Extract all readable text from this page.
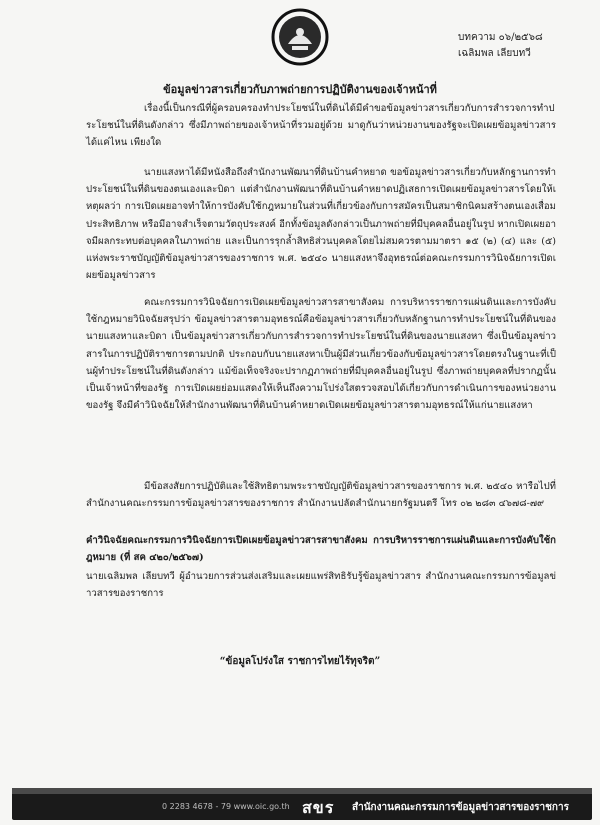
บทความ ๐๖/๒๕๖๘
เฉลิมพล เลียบทวี
ข้อมูลข่าวสารเกี่ยวกับภาพถ่ายการปฏิบัติงานของเจ้าหน้าที่
เรื่องนี้เป็นกรณีที่ผู้ครอบครองทำประโยชน์ในที่ดินได้มีคำขอข้อมูลข่าวสารเกี่ยวกับการสำรวจการทำประโยชน์ในที่ดินดังกล่าว ซึ่งมีภาพถ่ายของเจ้าหน้าที่รวมอยู่ด้วย มาดูกันว่าหน่วยงานของรัฐจะเปิดเผยข้อมูลข่าวสารได้แค่ไหน เพียงใด
นายแสงหาได้มีหนังสือถึงสำนักงานพัฒนาที่ดินบ้านคำหยาด ขอข้อมูลข่าวสารเกี่ยวกับหลักฐานการทำประโยชน์ในที่ดินของตนเองและบิดา แต่สำนักงานพัฒนาที่ดินบ้านคำหยาดปฏิเสธการเปิดเผยข้อมูลข่าวสารโดยให้เหตุผลว่า การเปิดเผยอาจทำให้การบังคับใช้กฎหมายในส่วนที่เกี่ยวข้องกับการสมัครเป็นสมาชิกนิคมสร้างตนเองเสื่อมประสิทธิภาพ หรือมีอาจสำเร็จตามวัตถุประสงค์ อีกทั้งข้อมูลดังกล่าวเป็นภาพถ่ายที่มีบุคคลอื่นอยู่ในรูป หากเปิดเผยอาจมีผลกระทบต่อบุคคลในภาพถ่าย และเป็นการรุกล้ำสิทธิส่วนบุคคลโดยไม่สมควรตามมาตรา ๑๕ (๒) (๔) และ (๕) แห่งพระราชบัญญัติข้อมูลข่าวสารของราชการ พ.ศ. ๒๕๔๐ นายแสงหาจึงอุทธรณ์ต่อคณะกรรมการวินิจฉัยการเปิดเผยข้อมูลข่าวสาร
คณะกรรมการวินิจฉัยการเปิดเผยข้อมูลข่าวสารสาขาสังคม การบริหารราชการแผ่นดินและการบังคับใช้กฎหมายวินิจฉัยสรุปว่า ข้อมูลข่าวสารตามอุทธรณ์คือข้อมูลข่าวสารเกี่ยวกับหลักฐานการทำประโยชน์ในที่ดินของนายแสงหาและบิดา เป็นข้อมูลข่าวสารเกี่ยวกับการสำรวจการทำประโยชน์ในที่ดินของนายแสงหา ซึ่งเป็นข้อมูลข่าวสารในการปฏิบัติราชการตามปกติ ประกอบกับนายแสงหาเป็นผู้มีส่วนเกี่ยวข้องกับข้อมูลข่าวสารโดยตรงในฐานะที่เป็นผู้ทำประโยชน์ในที่ดินดังกล่าว แม้ข้อเท็จจริงจะปรากฏภาพถ่ายที่มีบุคคลอื่นอยู่ในรูป ซึ่งภาพถ่ายบุคคลที่ปรากฏนั้นเป็นเจ้าหน้าที่ของรัฐ การเปิดเผยย่อมแสดงให้เห็นถึงความโปร่งใสตรวจสอบได้เกี่ยวกับการดำเนินการของหน่วยงานของรัฐ จึงมีคำวินิจฉัยให้สำนักงานพัฒนาที่ดินบ้านคำหยาดเปิดเผยข้อมูลข่าวสารตามอุทธรณ์ให้แก่นายแสงหา
มีข้อสงสัยการปฏิบัติและใช้สิทธิตามพระราชบัญญัติข้อมูลข่าวสารของราชการ พ.ศ. ๒๕๔๐ หารือไปที่สำนักงานคณะกรรมการข้อมูลข่าวสารของราชการ สำนักงานปลัดสำนักนายกรัฐมนตรี โทร ๐๒ ๒๘๓ ๔๖๗๘-๗๙
คำวินิจฉัยคณะกรรมการวินิจฉัยการเปิดเผยข้อมูลข่าวสารสาขาสังคม การบริหารราชการแผ่นดินและการบังคับใช้กฎหมาย (ที่ สค ๔๒๐/๒๕๖๗)
นายเฉลิมพล เลียบทวี ผู้อำนวยการส่วนส่งเสริมและเผยแพร่สิทธิรับรู้ข้อมูลข่าวสาร สำนักงานคณะกรรมการข้อมูลข่าวสารของราชการ
“ข้อมูลโปร่งใส ราชการไทยไร้ทุจริต”
0 2283 4678 - 79 www.oic.go.th สขร สำนักงานคณะกรรมการข้อมูลข่าวสารของราชการ
